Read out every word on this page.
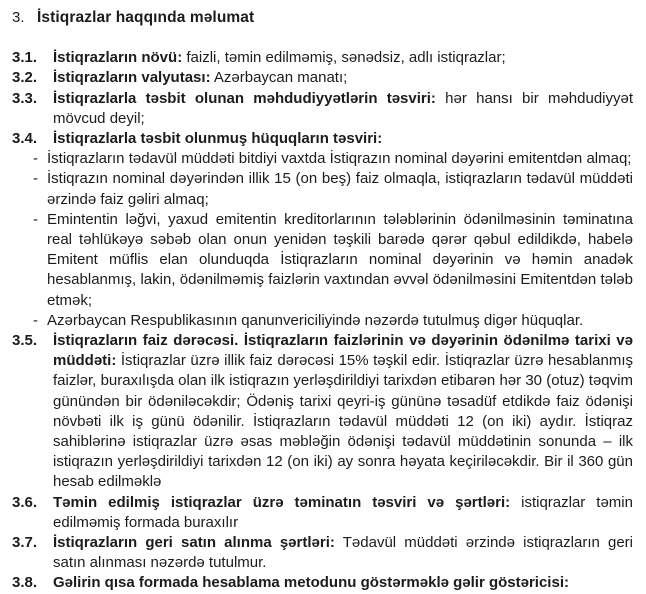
3. İstiqrazlar haqqında məlumat
3.1.	İstiqrazların növü: faizli, təmin edilməmiş, sənədsiz, adlı istiqrazlar;

3.2.	İstiqrazların valyutası: Azərbaycan manatı;

3.3.	İstiqrazlarla təsbit olunan məhdudiyyətlərin təsviri: hər hansı bir məhdudiyyət mövcud deyil;

3.4.	İstiqrazlarla təsbit olunmuş hüquqların təsviri:

- İstiqrazların tədavül müddəti bitdiyi vaxtda İstiqrazın nominal dəyərini emitentdən almaq;

- İstiqrazın nominal dəyərindən illik 15 (on beş) faiz olmaqla, istiqrazların tədavül müddəti ərzində faiz gəliri almaq;

- Emintentin ləğvi, yaxud emitentin kreditorlarının tələblərinin ödənilməsinin təminatına real təhlükəyə səbəb olan onun yenidən təşkili barədə qərər qəbul edildikdə, habelə Emitent müflis elan olunduqda İstiqrazların nominal dəyərinin və həmin anadək hesablanmış, lakin, ödənilməmiş faizlərin vaxtından əvvəl ödənilməsini Emitentdən tələb etmək;

- Azərbaycan Respublikasının qanunvericiliyində nəzərdə tutulmuş digər hüquqlar.

3.5.	İstiqrazların faiz dərəcəsi. İstiqrazların faizlərinin və dəyərinin ödənilmə tarixi və müddəti: İstiqrazlar üzrə illik faiz dərəcəsi 15% təşkil edir. İstiqrazlar üzrə hesablanmış faizlər, buraxılışda olan ilk istiqrazın yerləşdirildiyi tarixdən etibarən hər 30 (otuz) təqvim günündən bir ödəniləcəkdir; Ödəniş tarixi qeyri-iş gününə təsadüf etdikdə faiz ödənişi növbəti ilk iş günü ödənilir. İstiqrazların tədavül müddəti 12 (on iki) aydır. İstiqraz sahiblərinə istiqrazlar üzrə əsas məbləğin ödənişi tədavül müddətinin sonunda – ilk istiqrazın yerləşdirildiyi tarixdən 12 (on iki) ay sonra həyata keçiriləcəkdir. Bir il 360 gün hesab edilməklə

3.6.	Təmin edilmiş istiqrazlar üzrə təminatın təsviri və şərtləri: istiqrazlar təmin edilməmiş formada buraxılır

3.7.	İstiqrazların geri satın alınma şərtləri: Tədavül müddəti ərzində istiqrazların geri satın alınması nəzərdə tutulmur.

3.8.	Gəlirin qısa formada hesablama metodunu göstərməklə gəlir göstəricisi:
